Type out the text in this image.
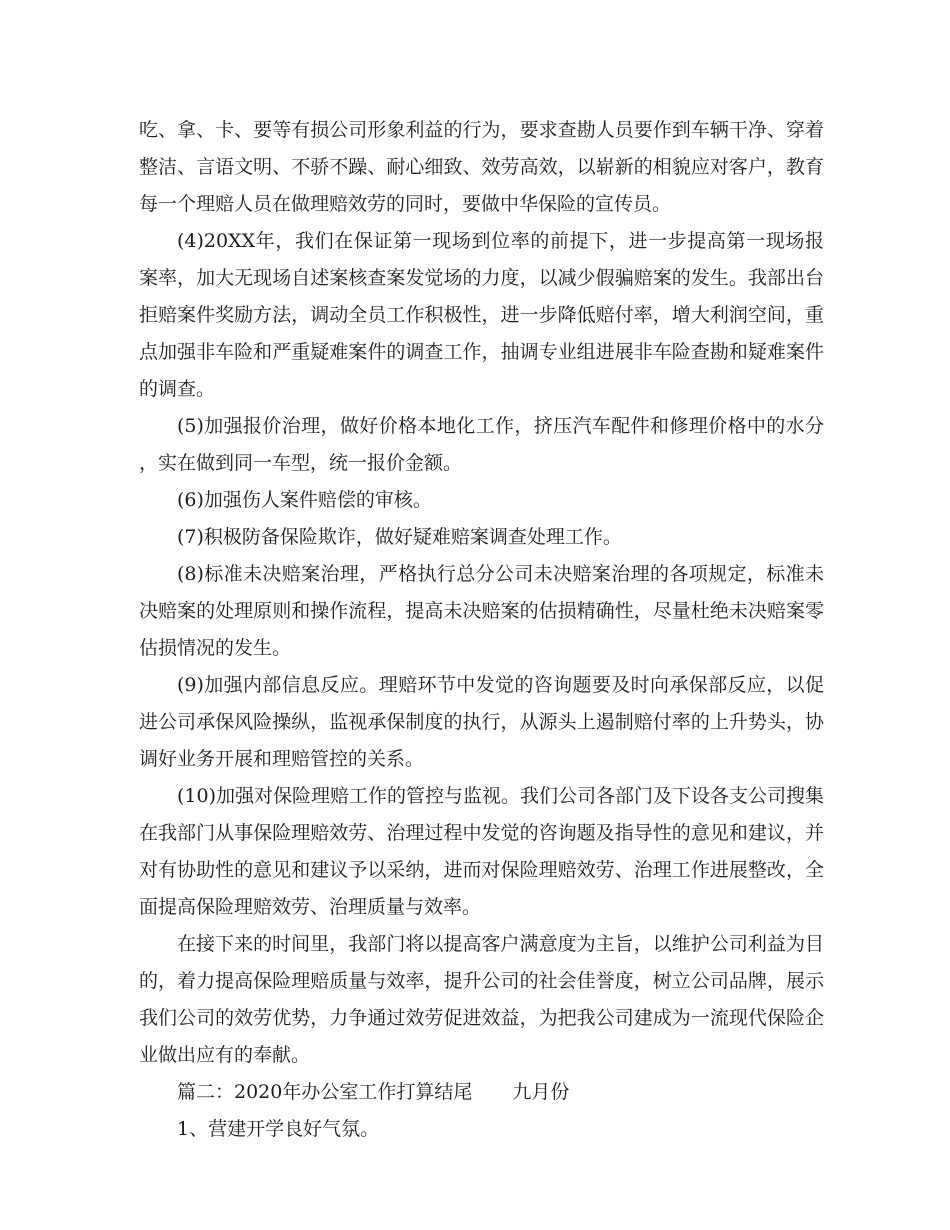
吃、拿、卡、要等有损公司形象利益的行为，要求查勘人员要作到车辆干净、穿着整洁、言语文明、不骄不躁、耐心细致、效劳高效，以崭新的相貌应对客户，教育每一个理赔人员在做理赔效劳的同时，要做中华保险的宣传员。

(4)20XX年，我们在保证第一现场到位率的前提下，进一步提高第一现场报案率，加大无现场自述案核查案发觉场的力度，以减少假骗赔案的发生。我部出台拒赔案件奖励方法，调动全员工作积极性，进一步降低赔付率，增大利润空间，重点加强非车险和严重疑难案件的调查工作，抽调专业组进展非车险查勘和疑难案件的调查。

(5)加强报价治理，做好价格本地化工作，挤压汽车配件和修理价格中的水分，实在做到同一车型，统一报价金额。

(6)加强伤人案件赔偿的审核。

(7)积极防备保险欺诈，做好疑难赔案调查处理工作。

(8)标准未决赔案治理，严格执行总分公司未决赔案治理的各项规定，标准未决赔案的处理原则和操作流程，提高未决赔案的估损精确性，尽量杜绝未决赔案零估损情况的发生。

(9)加强内部信息反应。理赔环节中发觉的咨询题要及时向承保部反应，以促进公司承保风险操纵，监视承保制度的执行，从源头上遏制赔付率的上升势头，协调好业务开展和理赔管控的关系。

(10)加强对保险理赔工作的管控与监视。我们公司各部门及下设各支公司搜集在我部门从事保险理赔效劳、治理过程中发觉的咨询题及指导性的意见和建议，并对有协助性的意见和建议予以采纳，进而对保险理赔效劳、治理工作进展整改，全面提高保险理赔效劳、治理质量与效率。

在接下来的时间里，我部门将以提高客户满意度为主旨，以维护公司利益为目的，着力提高保险理赔质量与效率，提升公司的社会佳誉度，树立公司品牌，展示我们公司的效劳优势，力争通过效劳促进效益，为把我公司建成为一流现代保险企业做出应有的奉献。

篇二：2020年办公室工作打算结尾 九月份

1、营建开学良好气氛。
